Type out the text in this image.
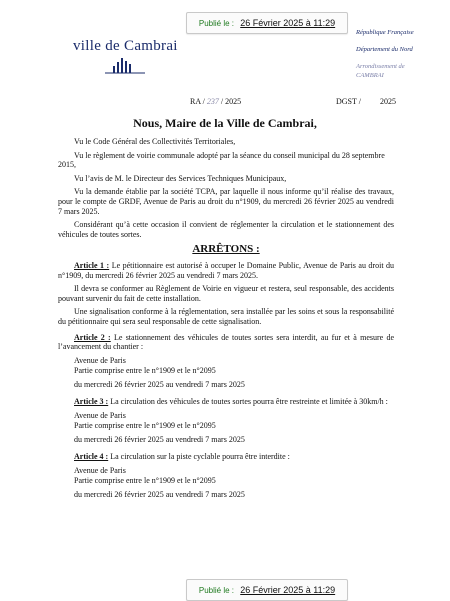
Publié le : 26 Février 2025 à 11:29
ville de Cambrai
République Française
Département du Nord
Arrondissement de
CAMBRAI
RA / 237 / 2025	DGST / 2025
Nous, Maire de la Ville de Cambrai,

Vu le Code Général des Collectivités Territoriales,

Vu le règlement de voirie communale adopté par la séance du conseil municipal du 28 septembre 2015,

Vu l’avis de M. le Directeur des Services Techniques Municipaux,

Vu la demande établie par la société TCPA, par laquelle il nous informe qu’il réalise des travaux, pour le compte de GRDF, Avenue de Paris au droit du n°1909, du mercredi 26 février 2025 au vendredi 7 mars 2025.

Considérant qu’à cette occasion il convient de réglementer la circulation et le stationnement des véhicules de toutes sortes.

ARRÊTONS :

Article 1 : Le pétitionnaire est autorisé à occuper le Domaine Public, Avenue de Paris au droit du n°1909, du mercredi 26 février 2025 au vendredi 7 mars 2025.

Il devra se conformer au Règlement de Voirie en vigueur et restera, seul responsable, des accidents pouvant survenir du fait de cette installation.

Une signalisation conforme à la réglementation, sera installée par les soins et sous la responsabilité du pétitionnaire qui sera seul responsable de cette signalisation.

Article 2 : Le stationnement des véhicules de toutes sortes sera interdit, au fur et à mesure de l’avancement du chantier :

Avenue de Paris
Partie comprise entre le n°1909 et le n°2095
du mercredi 26 février 2025 au vendredi 7 mars 2025

Article 3 : La circulation des véhicules de toutes sortes pourra être restreinte et limitée à 30km/h :

Avenue de Paris
Partie comprise entre le n°1909 et le n°2095
du mercredi 26 février 2025 au vendredi 7 mars 2025

Article 4 : La circulation sur la piste cyclable pourra être interdite :

Avenue de Paris
Partie comprise entre le n°1909 et le n°2095
du mercredi 26 février 2025 au vendredi 7 mars 2025
Publié le : 26 Février 2025 à 11:29
